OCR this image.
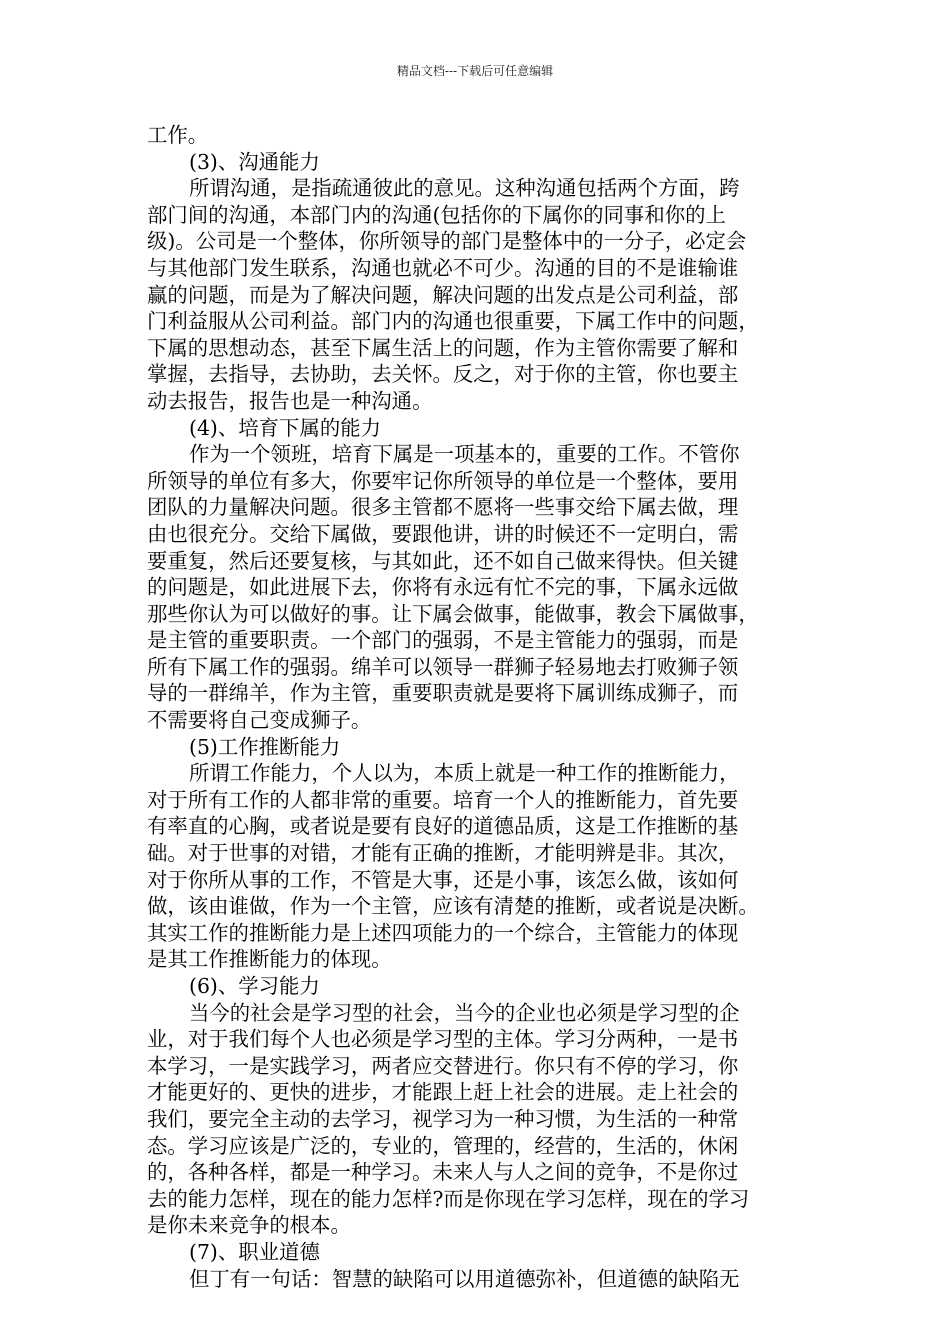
精品文档---下载后可任意编辑
工作。
(3)、沟通能力
所谓沟通，是指疏通彼此的意见。这种沟通包括两个方面，跨
部门间的沟通，本部门内的沟通(包括你的下属你的同事和你的上
级)。公司是一个整体，你所领导的部门是整体中的一分子，必定会
与其他部门发生联系，沟通也就必不可少。沟通的目的不是谁输谁
赢的问题，而是为了解决问题，解决问题的出发点是公司利益，部
门利益服从公司利益。部门内的沟通也很重要，下属工作中的问题，
下属的思想动态，甚至下属生活上的问题，作为主管你需要了解和
掌握，去指导，去协助，去关怀。反之，对于你的主管，你也要主
动去报告，报告也是一种沟通。
(4)、培育下属的能力
作为一个领班，培育下属是一项基本的，重要的工作。不管你
所领导的单位有多大，你要牢记你所领导的单位是一个整体，要用
团队的力量解决问题。很多主管都不愿将一些事交给下属去做，理
由也很充分。交给下属做，要跟他讲，讲的时候还不一定明白，需
要重复，然后还要复核，与其如此，还不如自己做来得快。但关键
的问题是，如此进展下去，你将有永远有忙不完的事，下属永远做
那些你认为可以做好的事。让下属会做事，能做事，教会下属做事，
是主管的重要职责。一个部门的强弱，不是主管能力的强弱，而是
所有下属工作的强弱。绵羊可以领导一群狮子轻易地去打败狮子领
导的一群绵羊，作为主管，重要职责就是要将下属训练成狮子，而
不需要将自己变成狮子。
(5)工作推断能力
所谓工作能力，个人以为，本质上就是一种工作的推断能力，
对于所有工作的人都非常的重要。培育一个人的推断能力，首先要
有率直的心胸，或者说是要有良好的道德品质，这是工作推断的基
础。对于世事的对错，才能有正确的推断，才能明辨是非。其次，
对于你所从事的工作，不管是大事，还是小事，该怎么做，该如何
做，该由谁做，作为一个主管，应该有清楚的推断，或者说是决断。
其实工作的推断能力是上述四项能力的一个综合，主管能力的体现
是其工作推断能力的体现。
(6)、学习能力
当今的社会是学习型的社会，当今的企业也必须是学习型的企
业，对于我们每个人也必须是学习型的主体。学习分两种，一是书
本学习，一是实践学习，两者应交替进行。你只有不停的学习，你
才能更好的、更快的进步，才能跟上赶上社会的进展。走上社会的
我们，要完全主动的去学习，视学习为一种习惯，为生活的一种常
态。学习应该是广泛的，专业的，管理的，经营的，生活的，休闲
的，各种各样，都是一种学习。未来人与人之间的竞争，不是你过
去的能力怎样，现在的能力怎样?而是你现在学习怎样，现在的学习
是你未来竞争的根本。
(7)、职业道德
但丁有一句话：智慧的缺陷可以用道德弥补，但道德的缺陷无
